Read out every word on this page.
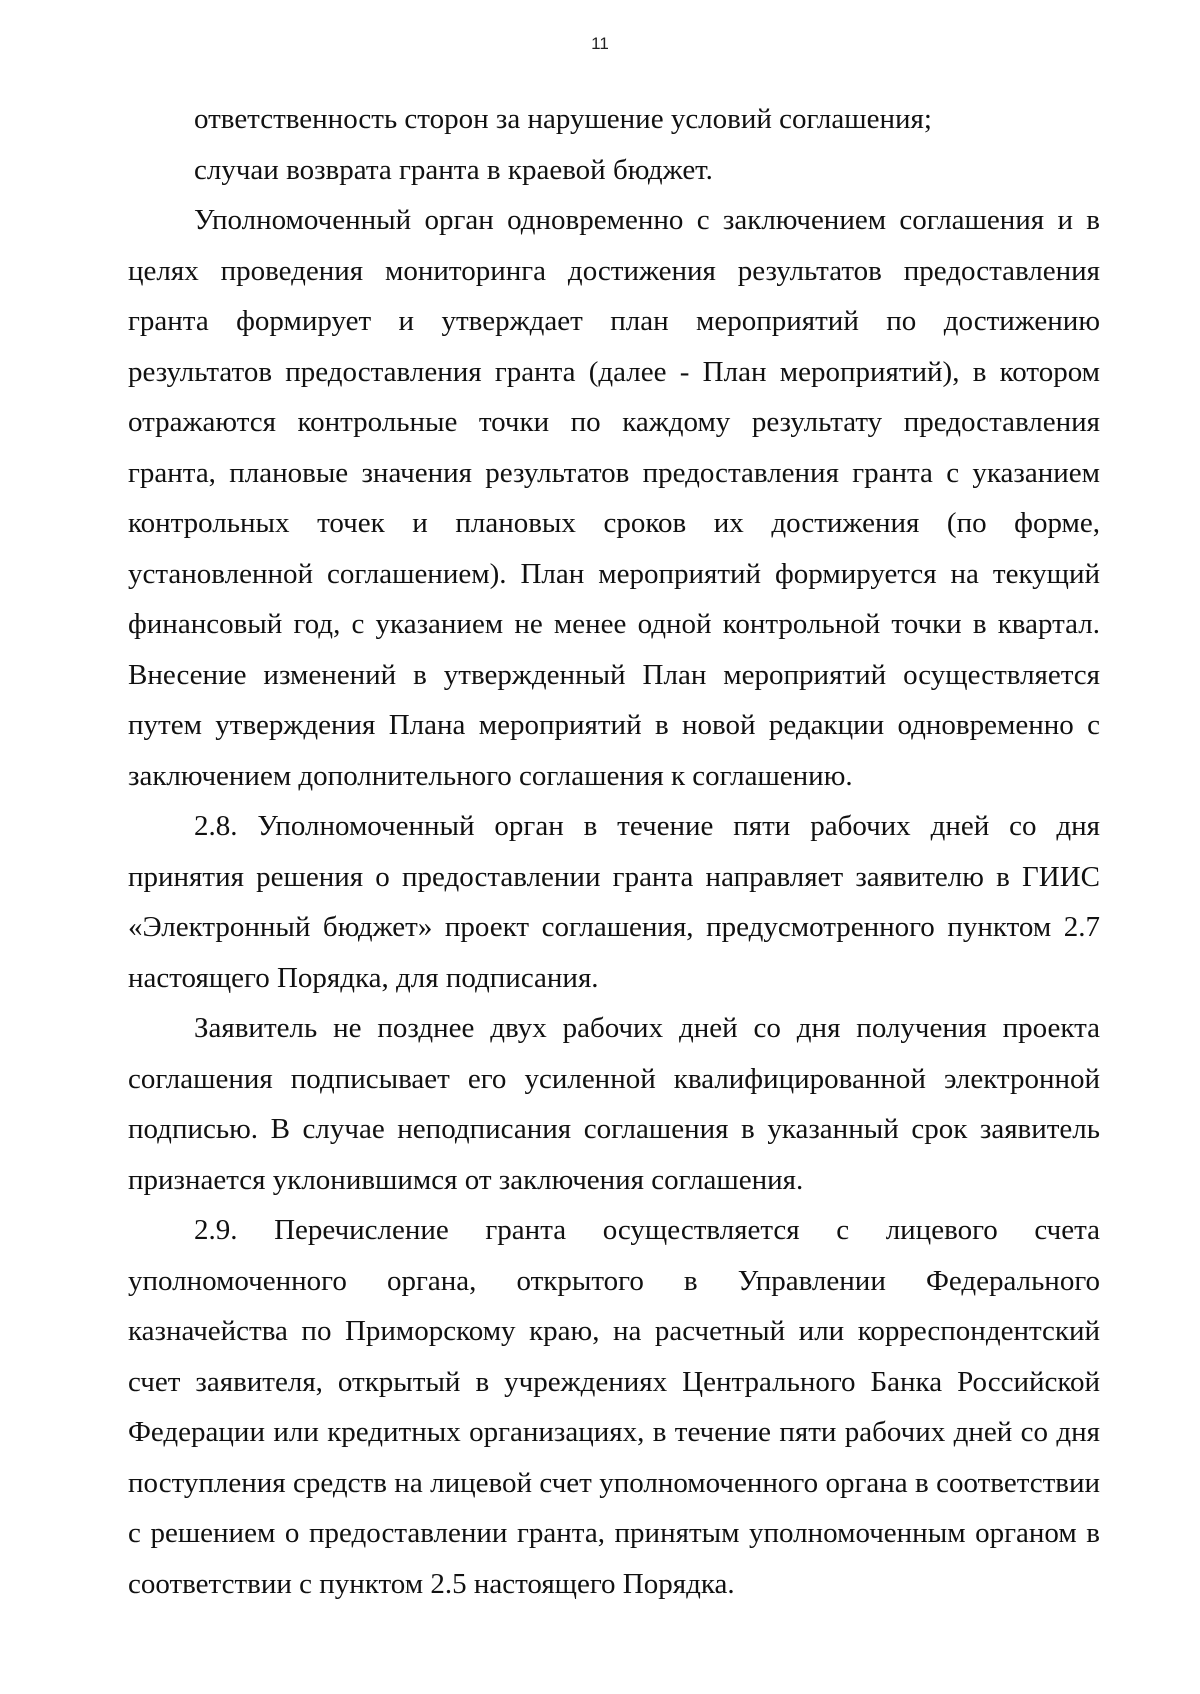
11

ответственность сторон за нарушение условий соглашения;

случаи возврата гранта в краевой бюджет.

Уполномоченный орган одновременно с заключением соглашения и в целях проведения мониторинга достижения результатов предоставления гранта формирует и утверждает план мероприятий по достижению результатов предоставления гранта (далее - План мероприятий), в котором отражаются контрольные точки по каждому результату предоставления гранта, плановые значения результатов предоставления гранта с указанием контрольных точек и плановых сроков их достижения (по форме, установленной соглашением). План мероприятий формируется на текущий финансовый год, с указанием не менее одной контрольной точки в квартал. Внесение изменений в утвержденный План мероприятий осуществляется путем утверждения Плана мероприятий в новой редакции одновременно с заключением дополнительного соглашения к соглашению.

2.8. Уполномоченный орган в течение пяти рабочих дней со дня принятия решения о предоставлении гранта направляет заявителю в ГИИС «Электронный бюджет» проект соглашения, предусмотренного пунктом 2.7 настоящего Порядка, для подписания.

Заявитель не позднее двух рабочих дней со дня получения проекта соглашения подписывает его усиленной квалифицированной электронной подписью. В случае неподписания соглашения в указанный срок заявитель признается уклонившимся от заключения соглашения.

2.9. Перечисление гранта осуществляется с лицевого счета уполномоченного органа, открытого в Управлении Федерального казначейства по Приморскому краю, на расчетный или корреспондентский счет заявителя, открытый в учреждениях Центрального Банка Российской Федерации или кредитных организациях, в течение пяти рабочих дней со дня поступления средств на лицевой счет уполномоченного органа в соответствии с решением о предоставлении гранта, принятым уполномоченным органом в соответствии с пунктом 2.5 настоящего Порядка.
